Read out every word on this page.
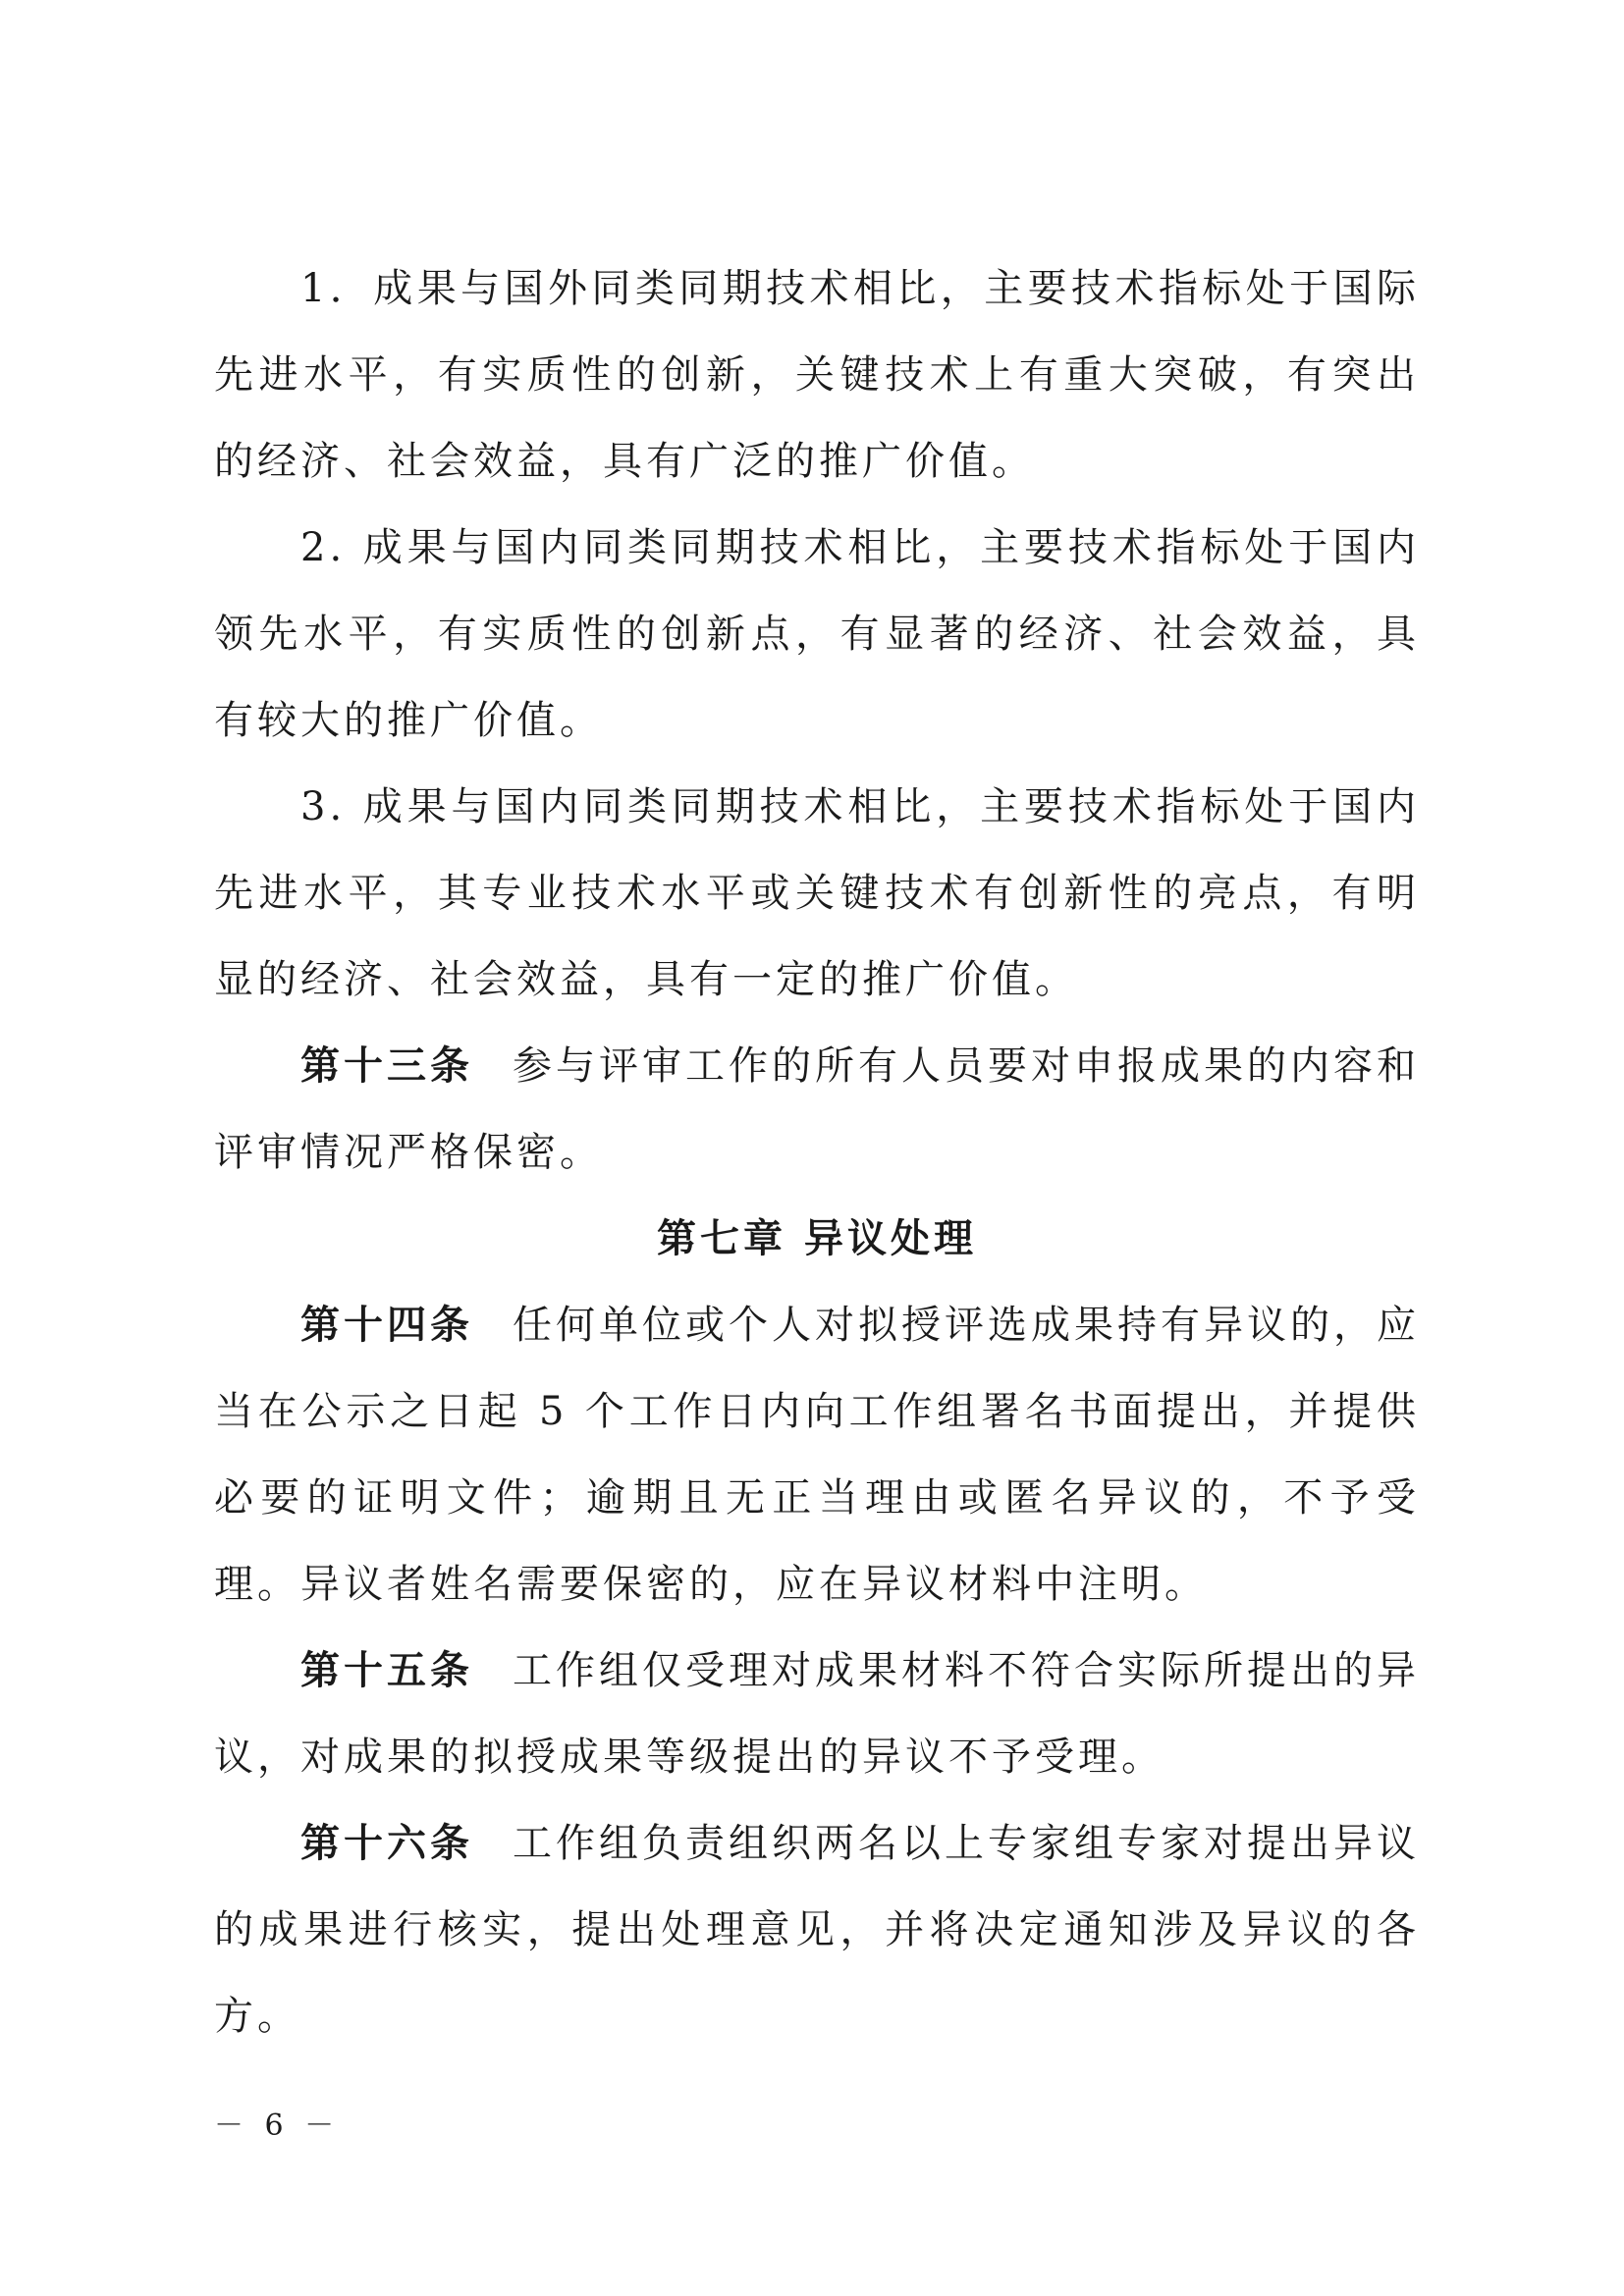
1．成果与国外同类同期技术相比，主要技术指标处于国际先进水平，有实质性的创新，关键技术上有重大突破，有突出的经济、社会效益，具有广泛的推广价值。

2. 成果与国内同类同期技术相比，主要技术指标处于国内领先水平，有实质性的创新点，有显著的经济、社会效益，具有较大的推广价值。

3. 成果与国内同类同期技术相比，主要技术指标处于国内先进水平，其专业技术水平或关键技术有创新性的亮点，有明显的经济、社会效益，具有一定的推广价值。

第十三条 参与评审工作的所有人员要对申报成果的内容和评审情况严格保密。

第七章 异议处理

第十四条 任何单位或个人对拟授评选成果持有异议的，应当在公示之日起 5 个工作日内向工作组署名书面提出，并提供必要的证明文件；逾期且无正当理由或匿名异议的，不予受理。异议者姓名需要保密的，应在异议材料中注明。

第十五条 工作组仅受理对成果材料不符合实际所提出的异议，对成果的拟授成果等级提出的异议不予受理。

第十六条 工作组负责组织两名以上专家组专家对提出异议的成果进行核实，提出处理意见，并将决定通知涉及异议的各方。

－ 6 －
